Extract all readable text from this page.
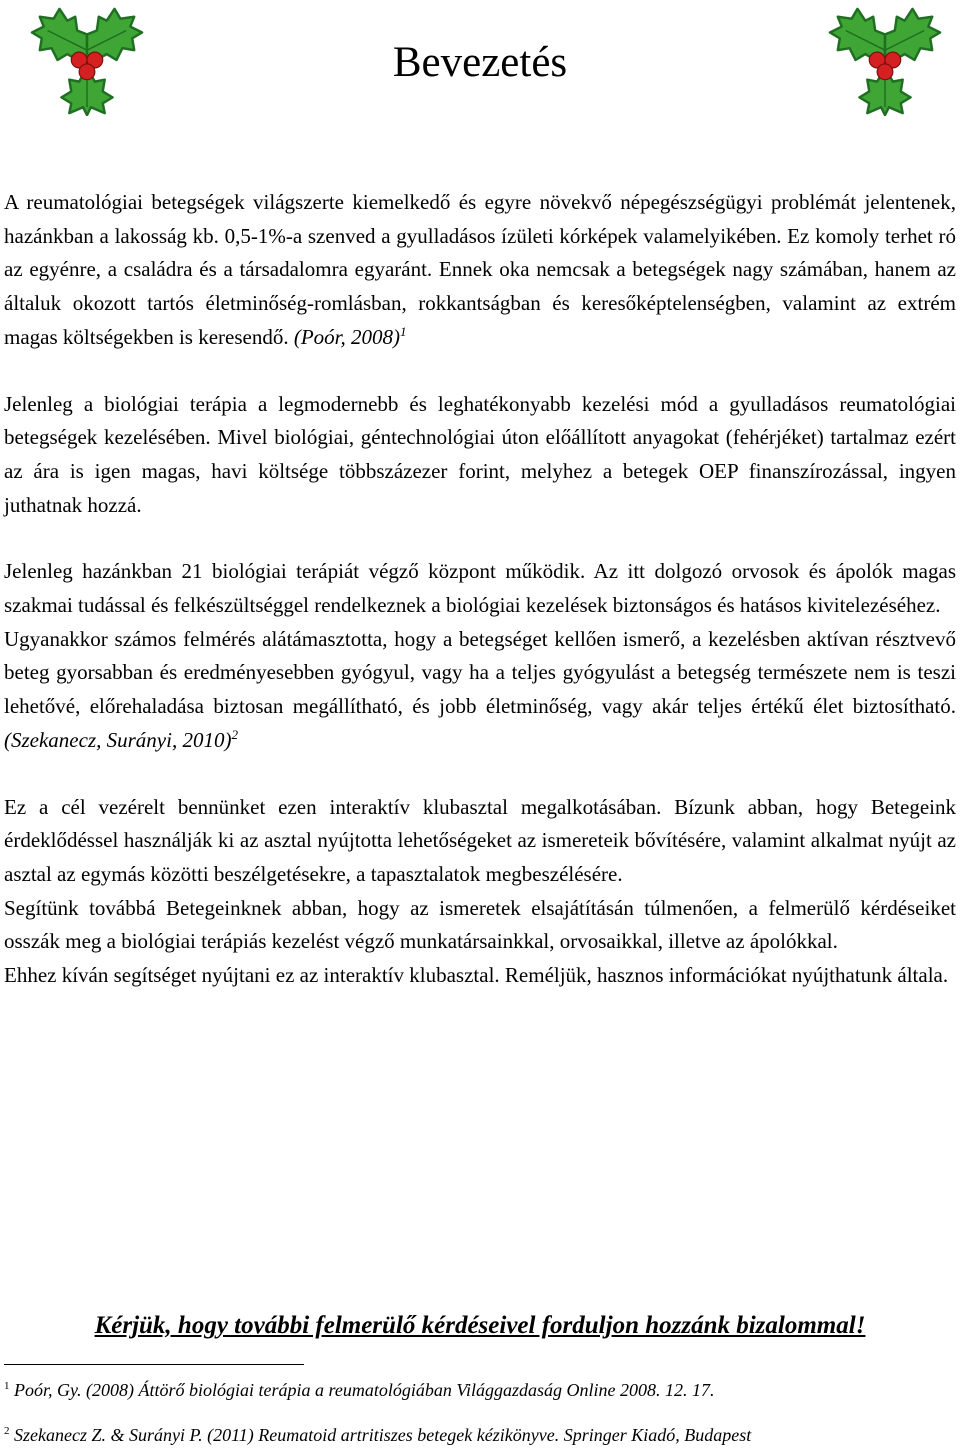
Bevezetés

A reumatológiai betegségek világszerte kiemelkedő és egyre növekvő népegészségügyi problémát jelentenek, hazánkban a lakosság kb. 0,5-1%-a szenved a gyulladásos ízületi kórképek valamelyikében. Ez komoly terhet ró az egyénre, a családra és a társadalomra egyaránt. Ennek oka nemcsak a betegségek nagy számában, hanem az általuk okozott tartós életminőség-romlásban, rokkantságban és keresőképtelenségben, valamint az extrém magas költségekben is keresendő. (Poór, 2008)$^1$

Jelenleg a biológiai terápia a legmodernebb és leghatékonyabb kezelési mód a gyulladásos reumatológiai betegségek kezelésében. Mivel biológiai, géntechnológiai úton előállított anyagokat (fehérjéket) tartalmaz ezért az ára is igen magas, havi költsége többszázezer forint, melyhez a betegek OEP finanszírozással, ingyen juthatnak hozzá.

Jelenleg hazánkban 21 biológiai terápiát végző központ működik. Az itt dolgozó orvosok és ápolók magas szakmai tudással és felkészültséggel rendelkeznek a biológiai kezelések biztonságos és hatásos kivitelezéséhez.

Ugyanakkor számos felmérés alátámasztotta, hogy a betegséget kellően ismerő, a kezelésben aktívan résztvevő beteg gyorsabban és eredményesebben gyógyul, vagy ha a teljes gyógyulást a betegség természete nem is teszi lehetővé, előrehaladása biztosan megállítható, és jobb életminőség, vagy akár teljes értékű élet biztosítható. (Szekanecz, Surányi, 2010)$^2$

Ez a cél vezérelt bennünket ezen interaktív klubasztal megalkotásában. Bízunk abban, hogy Betegeink érdeklődéssel használják ki az asztal nyújtotta lehetőségeket az ismereteik bővítésére, valamint alkalmat nyújt az asztal az egymás közötti beszélgetésekre, a tapasztalatok megbeszélésére.

Segítünk továbbá Betegeinknek abban, hogy az ismeretek elsajátításán túlmenően, a felmerülő kérdéseiket osszák meg a biológiai terápiás kezelést végző munkatársainkkal, orvosaikkal, illetve az ápolókkal.

Ehhez kíván segítséget nyújtani ez az interaktív klubasztal. Reméljük, hasznos információkat nyújthatunk általa.

Kérjük, hogy további felmerülő kérdéseivel forduljon hozzánk bizalommal!

$^1$ Poór, Gy. (2008) Áttörő biológiai terápia a reumatológiában Világgazdaság Online 2008. 12. 17.

$^2$ Szekanecz Z. & Surányi P. (2011) Reumatoid artritiszes betegek kézikönyve. Springer Kiadó, Budapest
